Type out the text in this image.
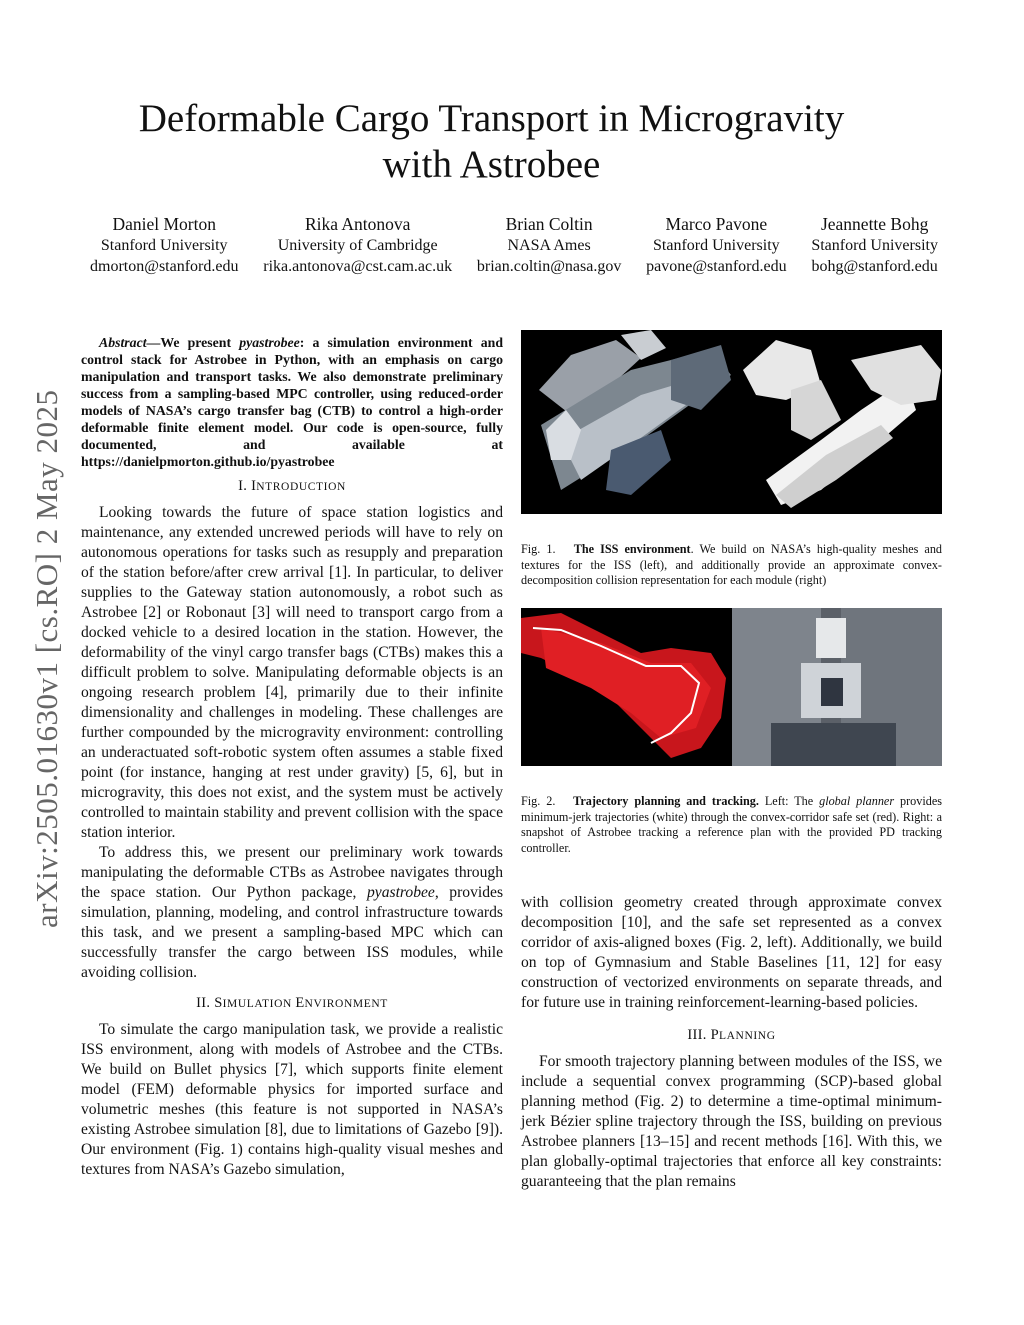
Deformable Cargo Transport in Microgravity
with Astrobee
Daniel Morton
Stanford University
dmorton@stanford.edu
Rika Antonova
University of Cambridge
rika.antonova@cst.cam.ac.uk
Brian Coltin
NASA Ames
brian.coltin@nasa.gov
Marco Pavone
Stanford University
pavone@stanford.edu
Jeannette Bohg
Stanford University
bohg@stanford.edu
arXiv:2505.01630v1 [cs.RO] 2 May 2025

Abstract—We present pyastrobee: a simulation environment and control stack for Astrobee in Python, with an emphasis on cargo manipulation and transport tasks. We also demonstrate preliminary success from a sampling-based MPC controller, using reduced-order models of NASA’s cargo transfer bag (CTB) to control a high-order deformable finite element model. Our code is open-source, fully documented, and available at https://danielpmorton.github.io/pyastrobee

I. INTRODUCTION

Looking towards the future of space station logistics and maintenance, any extended uncrewed periods will have to rely on autonomous operations for tasks such as resupply and preparation of the station before/after crew arrival [1]. In particular, to deliver supplies to the Gateway station autonomously, a robot such as Astrobee [2] or Robonaut [3] will need to transport cargo from a docked vehicle to a desired location in the station. However, the deformability of the vinyl cargo transfer bags (CTBs) makes this a difficult problem to solve. Manipulating deformable objects is an ongoing research problem [4], primarily due to their infinite dimensionality and challenges in modeling. These challenges are further compounded by the microgravity environment: controlling an underactuated soft-robotic system often assumes a stable fixed point (for instance, hanging at rest under gravity) [5, 6], but in microgravity, this does not exist, and the system must be actively controlled to maintain stability and prevent collision with the space station interior.

To address this, we present our preliminary work towards manipulating the deformable CTBs as Astrobee navigates through the space station. Our Python package, pyastrobee, provides simulation, planning, modeling, and control infrastructure towards this task, and we present a sampling-based MPC which can successfully transfer the cargo between ISS modules, while avoiding collision.

II. SIMULATION ENVIRONMENT

To simulate the cargo manipulation task, we provide a realistic ISS environment, along with models of Astrobee and the CTBs. We build on Bullet physics [7], which supports finite element model (FEM) deformable physics for imported surface and volumetric meshes (this feature is not supported in NASA’s existing Astrobee simulation [8], due to limitations of Gazebo [9]). Our environment (Fig. 1) contains high-quality visual meshes and textures from NASA’s Gazebo simulation,

Fig. 1. The ISS environment. We build on NASA’s high-quality meshes and textures for the ISS (left), and additionally provide an approximate convex-decomposition collision representation for each module (right)
Fig. 2. Trajectory planning and tracking. Left: The global planner provides minimum-jerk trajectories (white) through the convex-corridor safe set (red). Right: a snapshot of Astrobee tracking a reference plan with the provided PD tracking controller.

with collision geometry created through approximate convex decomposition [10], and the safe set represented as a convex corridor of axis-aligned boxes (Fig. 2, left). Additionally, we build on top of Gymnasium and Stable Baselines [11, 12] for easy construction of vectorized environments on separate threads, and for future use in training reinforcement-learning-based policies.

III. PLANNING

For smooth trajectory planning between modules of the ISS, we include a sequential convex programming (SCP)-based global planning method (Fig. 2) to determine a time-optimal minimum-jerk Bézier spline trajectory through the ISS, building on previous Astrobee planners [13–15] and recent methods [16]. With this, we plan globally-optimal trajectories that enforce all key constraints: guaranteeing that the plan remains
